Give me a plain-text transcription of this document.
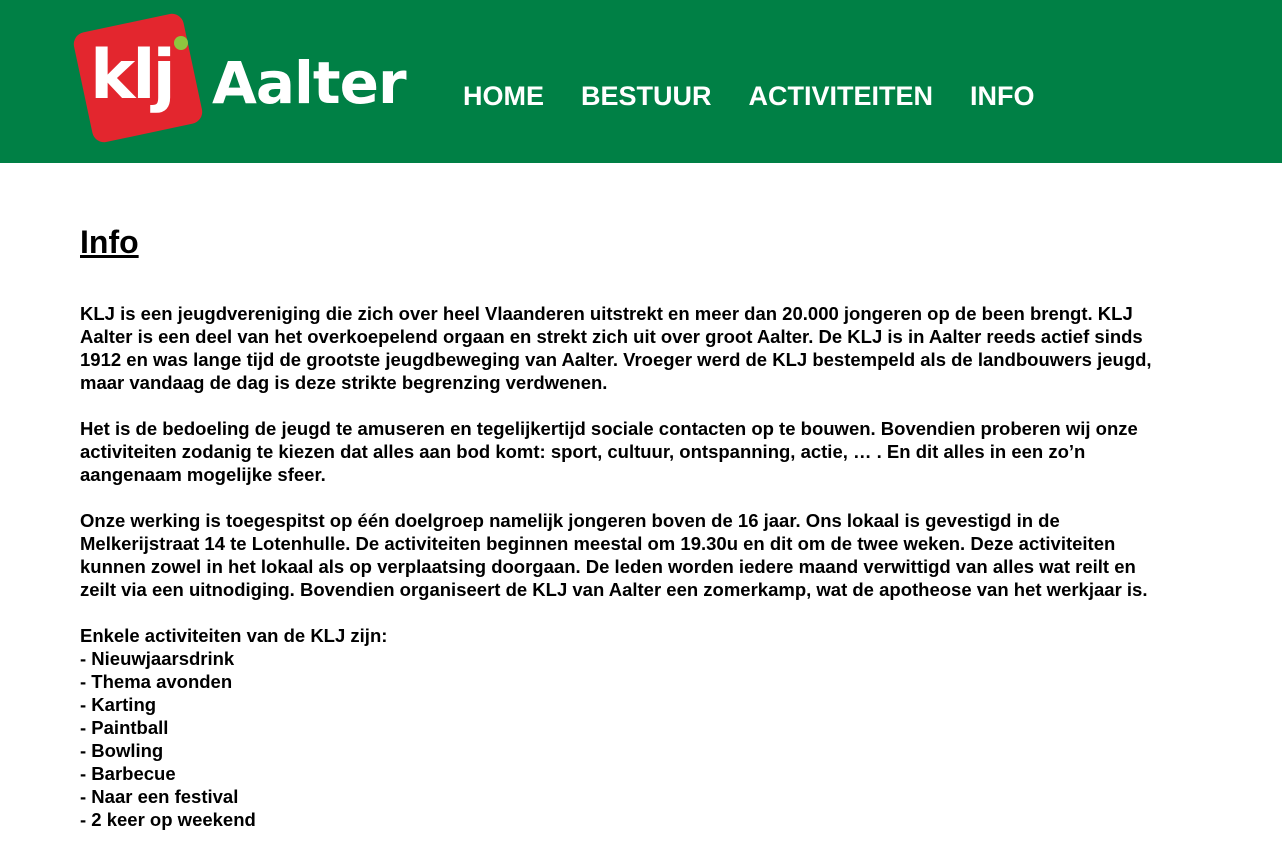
klj Aalter HOME BESTUUR ACTIVITEITEN INFO
Info

KLJ is een jeugdvereniging die zich over heel Vlaanderen uitstrekt en meer dan 20.000 jongeren op de been brengt. KLJ Aalter is een deel van het overkoepelend orgaan en strekt zich uit over groot Aalter. De KLJ is in Aalter reeds actief sinds 1912 en was lange tijd de grootste jeugdbeweging van Aalter. Vroeger werd de KLJ bestempeld als de landbouwers jeugd, maar vandaag de dag is deze strikte begrenzing verdwenen.

Het is de bedoeling de jeugd te amuseren en tegelijkertijd sociale contacten op te bouwen. Bovendien proberen wij onze activiteiten zodanig te kiezen dat alles aan bod komt: sport, cultuur, ontspanning, actie, … . En dit alles in een zo’n aangenaam mogelijke sfeer.

Onze werking is toegespitst op één doelgroep namelijk jongeren boven de 16 jaar. Ons lokaal is gevestigd in de Melkerijstraat 14 te Lotenhulle. De activiteiten beginnen meestal om 19.30u en dit om de twee weken. Deze activiteiten kunnen zowel in het lokaal als op verplaatsing doorgaan. De leden worden iedere maand verwittigd van alles wat reilt en zeilt via een uitnodiging. Bovendien organiseert de KLJ van Aalter een zomerkamp, wat de apotheose van het werkjaar is.

Enkele activiteiten van de KLJ zijn:
- Nieuwjaarsdrink
- Thema avonden
- Karting
- Paintball
- Bowling
- Barbecue
- Naar een festival
- 2 keer op weekend
